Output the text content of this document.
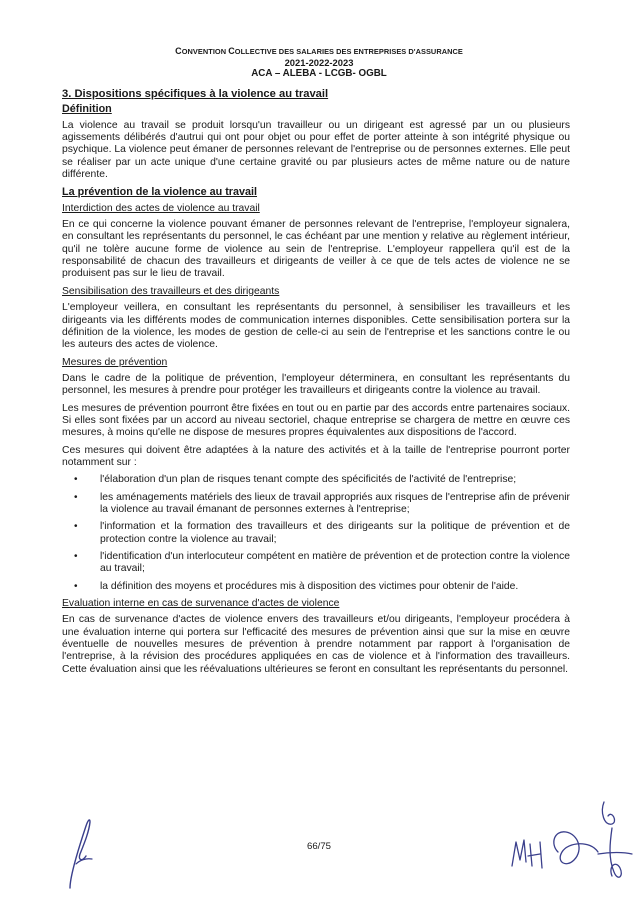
CONVENTION COLLECTIVE DES SALARIES DES ENTREPRISES D'ASSURANCE
2021-2022-2023
ACA – ALEBA - LCGB- OGBL
3. Dispositions spécifiques à la violence au travail
Définition

La violence au travail se produit lorsqu'un travailleur ou un dirigeant est agressé par un ou plusieurs agissements délibérés d'autrui qui ont pour objet ou pour effet de porter atteinte à son intégrité physique ou psychique. La violence peut émaner de personnes relevant de l'entreprise ou de personnes externes. Elle peut se réaliser par un acte unique d'une certaine gravité ou par plusieurs actes de même nature ou de nature différente.

La prévention de la violence au travail
Interdiction des actes de violence au travail

En ce qui concerne la violence pouvant émaner de personnes relevant de l'entreprise, l'employeur signalera, en consultant les représentants du personnel, le cas échéant par une mention y relative au règlement intérieur, qu'il ne tolère aucune forme de violence au sein de l'entreprise. L'employeur rappellera qu'il est de la responsabilité de chacun des travailleurs et dirigeants de veiller à ce que de tels actes de violence ne se produisent pas sur le lieu de travail.

Sensibilisation des travailleurs et des dirigeants

L'employeur veillera, en consultant les représentants du personnel, à sensibiliser les travailleurs et les dirigeants via les différents modes de communication internes disponibles. Cette sensibilisation portera sur la définition de la violence, les modes de gestion de celle-ci au sein de l'entreprise et les sanctions contre le ou les auteurs des actes de violence.

Mesures de prévention

Dans le cadre de la politique de prévention, l'employeur déterminera, en consultant les représentants du personnel, les mesures à prendre pour protéger les travailleurs et dirigeants contre la violence au travail.

Les mesures de prévention pourront être fixées en tout ou en partie par des accords entre partenaires sociaux. Si elles sont fixées par un accord au niveau sectoriel, chaque entreprise se chargera de mettre en œuvre ces mesures, à moins qu'elle ne dispose de mesures propres équivalentes aux dispositions de l'accord.

Ces mesures qui doivent être adaptées à la nature des activités et à la taille de l'entreprise pourront porter notamment sur :

• l'élaboration d'un plan de risques tenant compte des spécificités de l'activité de l'entreprise;
• les aménagements matériels des lieux de travail appropriés aux risques de l'entreprise afin de prévenir la violence au travail émanant de personnes externes à l'entreprise;
• l'information et la formation des travailleurs et des dirigeants sur la politique de prévention et de protection contre la violence au travail;
• l'identification d'un interlocuteur compétent en matière de prévention et de protection contre la violence au travail;
• la définition des moyens et procédures mis à disposition des victimes pour obtenir de l'aide.
Evaluation interne en cas de survenance d'actes de violence

En cas de survenance d'actes de violence envers des travailleurs et/ou dirigeants, l'employeur procédera à une évaluation interne qui portera sur l'efficacité des mesures de prévention ainsi que sur la mise en œuvre éventuelle de nouvelles mesures de prévention à prendre notamment par rapport à l'organisation de l'entreprise, à la révision des procédures appliquées en cas de violence et à l'information des travailleurs. Cette évaluation ainsi que les réévaluations ultérieures se feront en consultant les représentants du personnel.

66/75
